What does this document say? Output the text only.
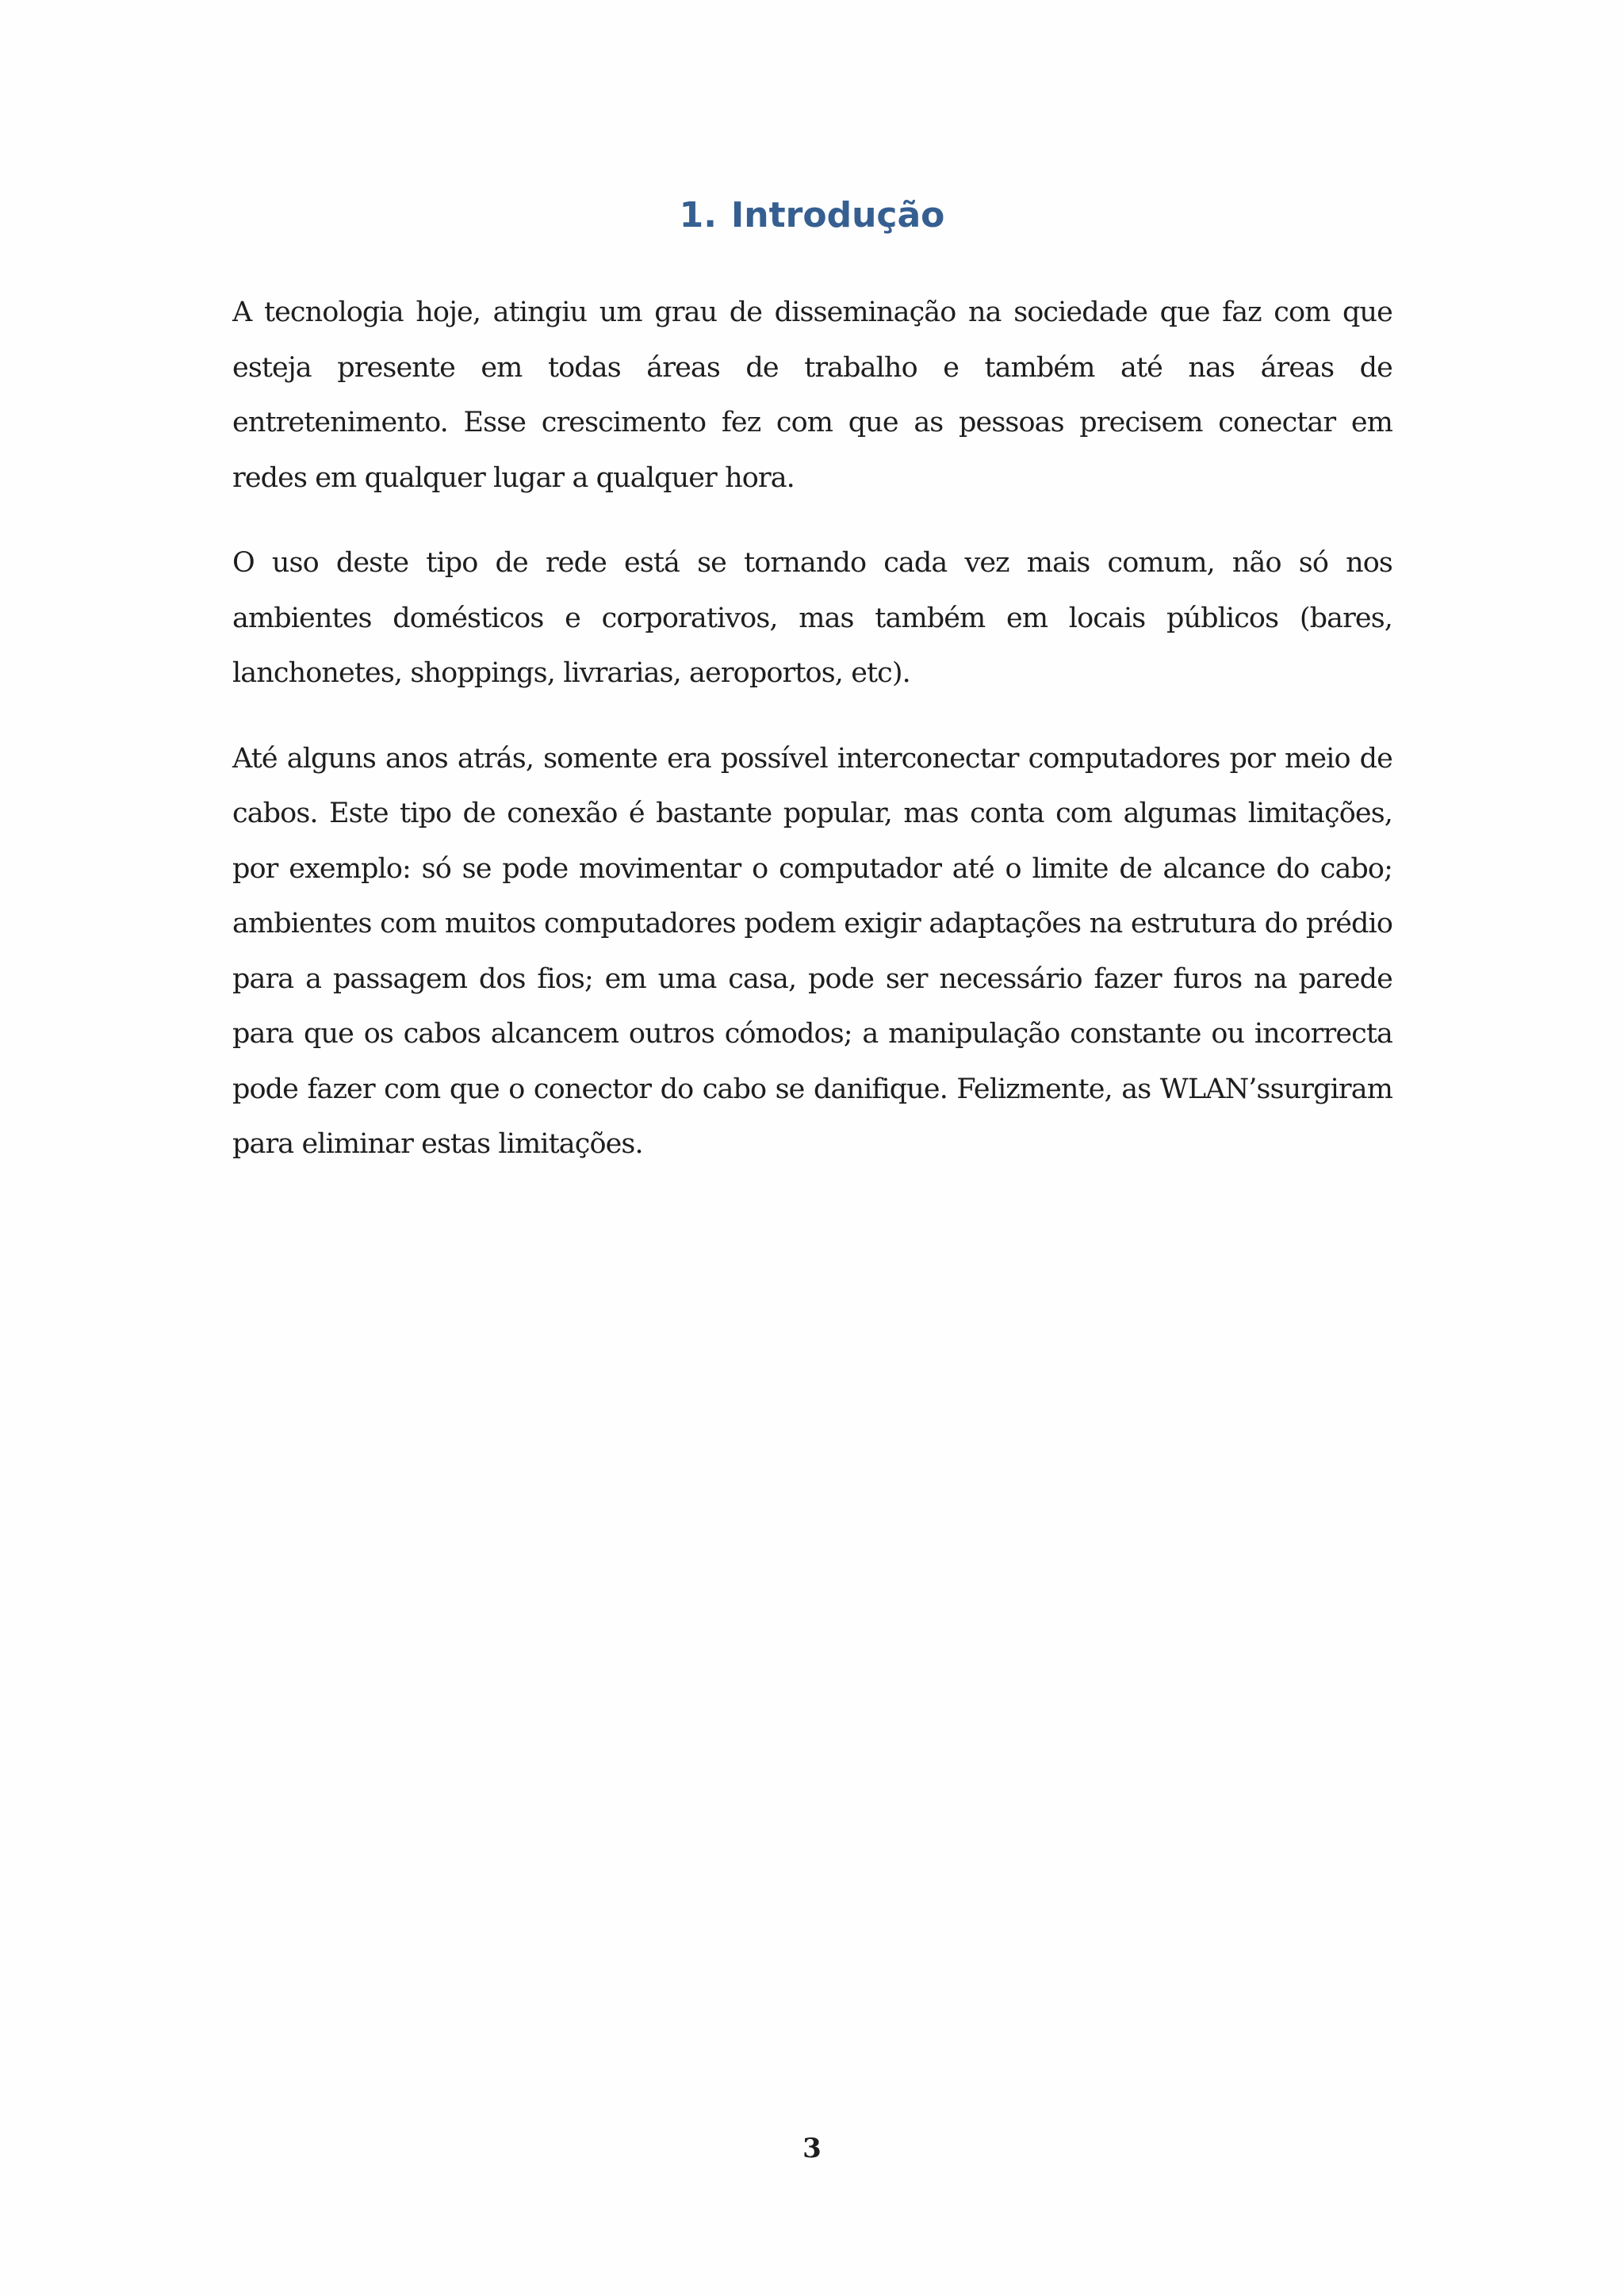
1. Introdução

A tecnologia hoje, atingiu um grau de disseminação na sociedade que faz com que esteja presente em todas áreas de trabalho e também até nas áreas de entretenimento. Esse crescimento fez com que as pessoas precisem conectar em redes em qualquer lugar a qualquer hora.

O uso deste tipo de rede está se tornando cada vez mais comum, não só nos ambientes domésticos e corporativos, mas também em locais públicos (bares, lanchonetes, shoppings, livrarias, aeroportos, etc).

Até alguns anos atrás, somente era possível interconectar computadores por meio de cabos. Este tipo de conexão é bastante popular, mas conta com algumas limitações, por exemplo: só se pode movimentar o computador até o limite de alcance do cabo; ambientes com muitos computadores podem exigir adaptações na estrutura do prédio para a passagem dos fios; em uma casa, pode ser necessário fazer furos na parede para que os cabos alcancem outros cómodos; a manipulação constante ou incorrecta pode fazer com que o conector do cabo se danifique. Felizmente, as WLAN’ssurgiram para eliminar estas limitações.

3
